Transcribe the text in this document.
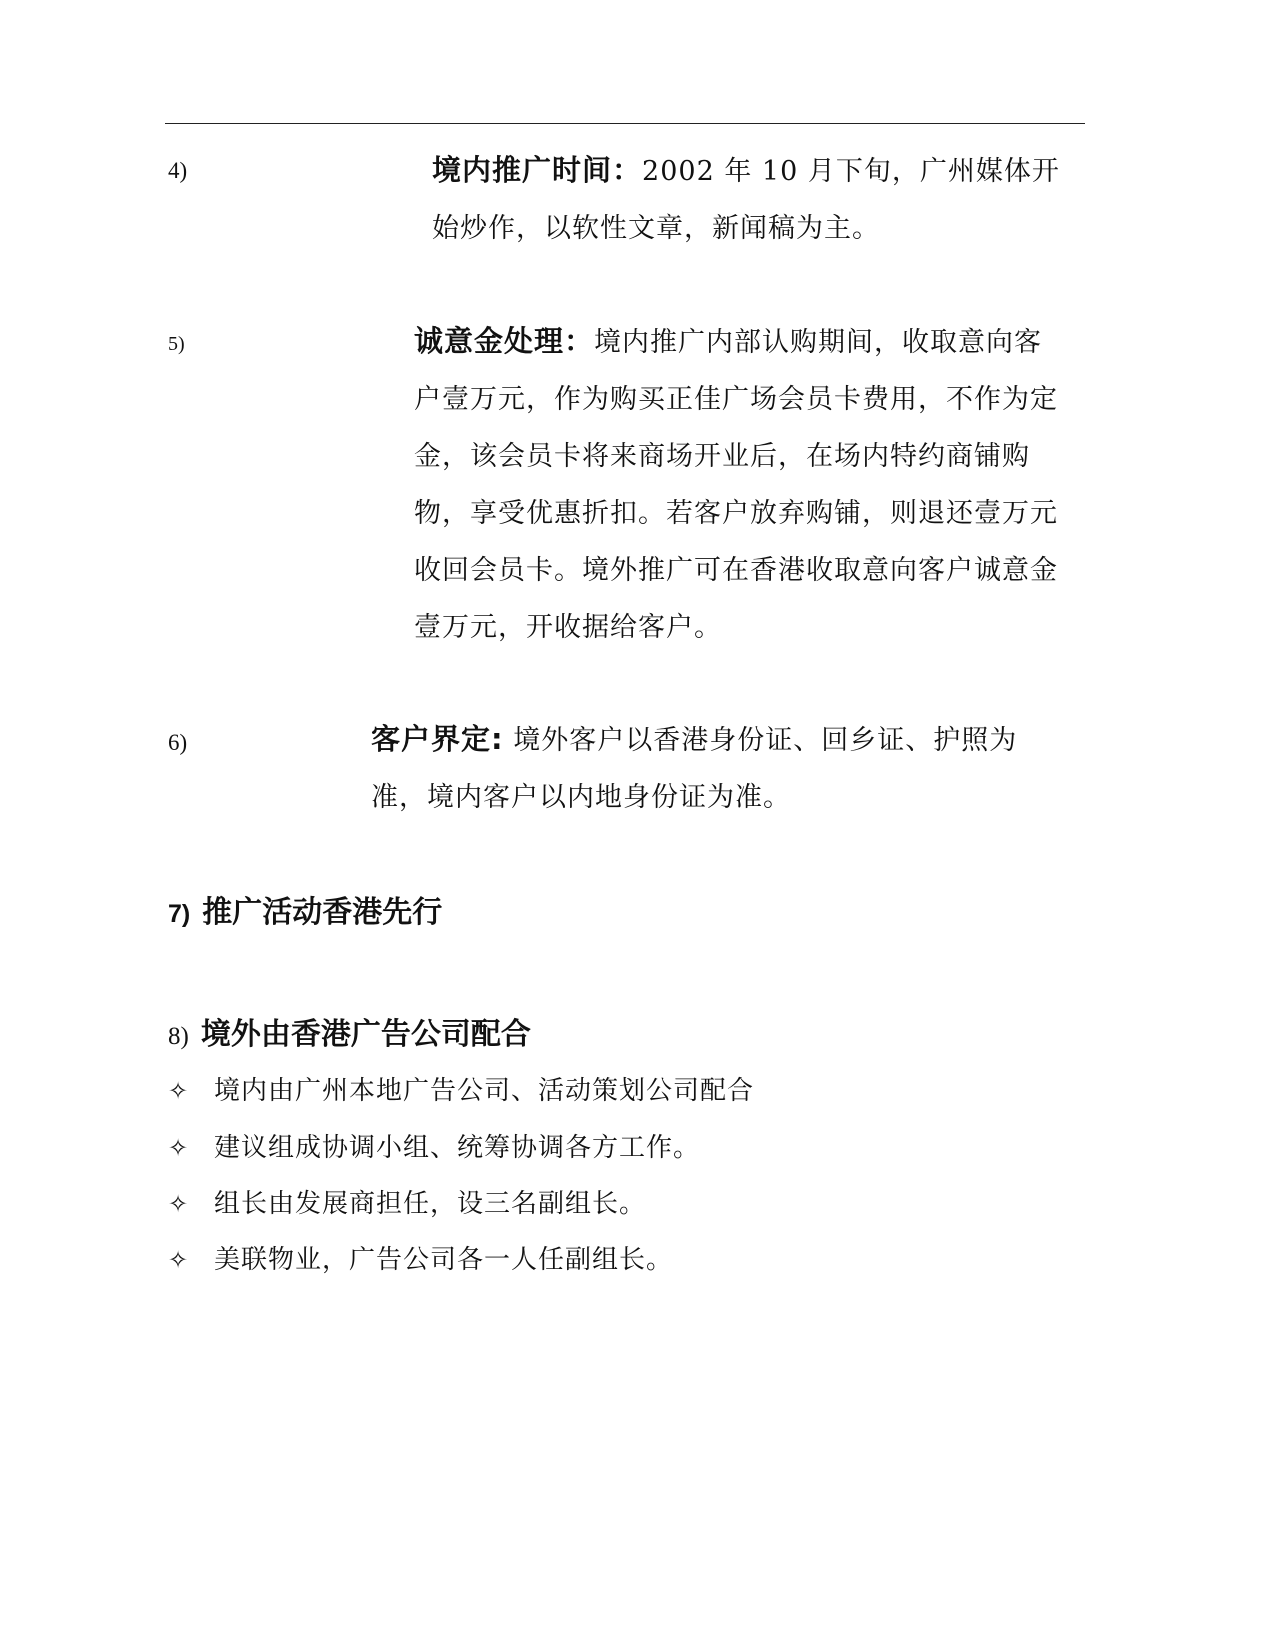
4)	境内推广时间：2002 年 10 月下旬，广州媒体开始炒作，以软性文章，新闻稿为主。
5)	诚意金处理：境内推广内部认购期间，收取意向客户壹万元，作为购买正佳广场会员卡费用，不作为定金，该会员卡将来商场开业后，在场内特约商铺购物，享受优惠折扣。若客户放弃购铺，则退还壹万元收回会员卡。境外推广可在香港收取意向客户诚意金壹万元，开收据给客户。
6)	客户界定: 境外客户以香港身份证、回乡证、护照为准，境内客户以内地身份证为准。
7) 推广活动香港先行
8) 境外由香港广告公司配合
✧ 境内由广州本地广告公司、活动策划公司配合
✧ 建议组成协调小组、统筹协调各方工作。
✧ 组长由发展商担任，设三名副组长。
✧ 美联物业，广告公司各一人任副组长。
